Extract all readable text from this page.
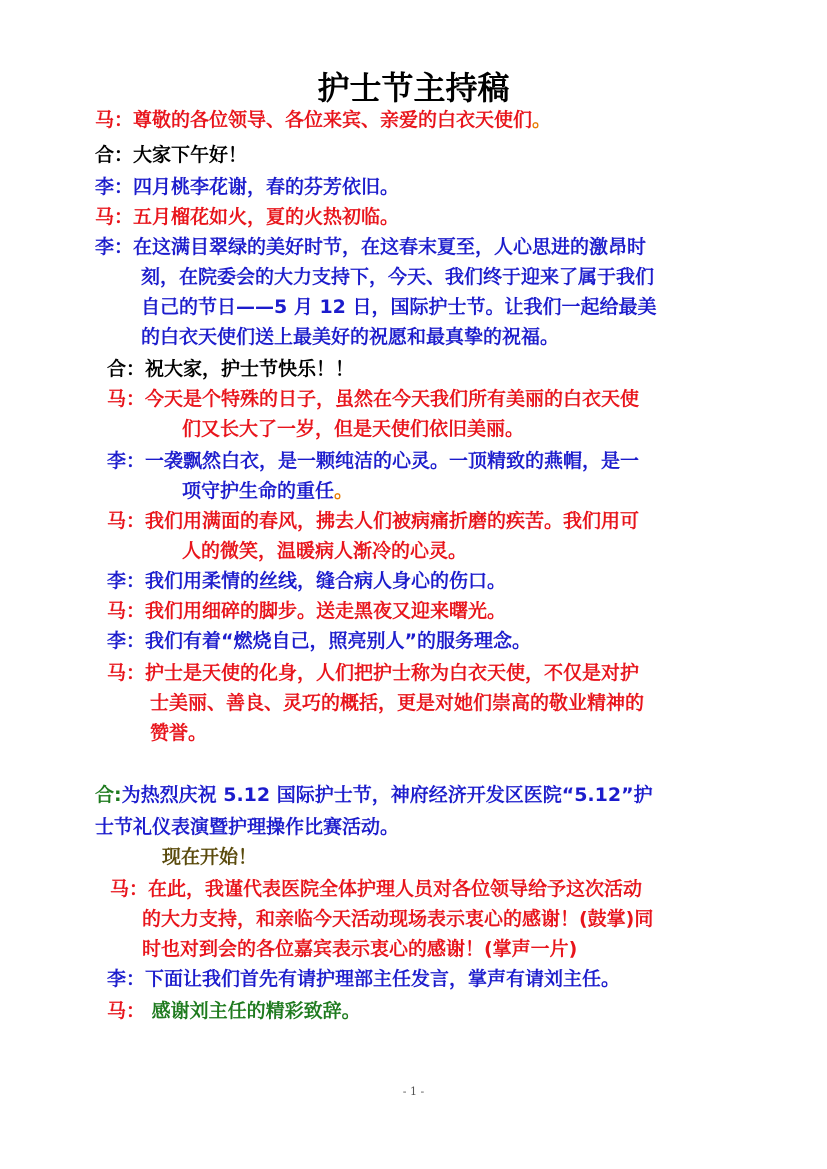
护士节主持稿
马：尊敬的各位领导、各位来宾、亲爱的白衣天使们。
合：大家下午好！
李：四月桃李花谢，春的芬芳依旧。
马：五月榴花如火，夏的火热初临。
李：在这满目翠绿的美好时节，在这春末夏至，人心思进的激昂时
刻，在院委会的大力支持下，今天、我们终于迎来了属于我们
自己的节日——5 月 12 日，国际护士节。让我们一起给最美
的白衣天使们送上最美好的祝愿和最真挚的祝福。
合：祝大家，护士节快乐！！
马：今天是个特殊的日子，虽然在今天我们所有美丽的白衣天使
们又长大了一岁，但是天使们依旧美丽。
李：一袭飘然白衣，是一颗纯洁的心灵。一顶精致的燕帽，是一
项守护生命的重任。
马：我们用满面的春风，拂去人们被病痛折磨的疾苦。我们用可
人的微笑，温暖病人渐冷的心灵。
李：我们用柔情的丝线，缝合病人身心的伤口。
马：我们用细碎的脚步。送走黑夜又迎来曙光。
李：我们有着“燃烧自己，照亮别人”的服务理念。
马：护士是天使的化身，人们把护士称为白衣天使，不仅是对护
士美丽、善良、灵巧的概括，更是对她们崇高的敬业精神的
赞誉。
合:为热烈庆祝 5.12 国际护士节，神府经济开发区医院“5.12”护
士节礼仪表演暨护理操作比赛活动。
现在开始！
马：在此，我谨代表医院全体护理人员对各位领导给予这次活动
的大力支持，和亲临今天活动现场表示衷心的感谢！(鼓掌)同
时也对到会的各位嘉宾表示衷心的感谢！(掌声一片)
李：下面让我们首先有请护理部主任发言，掌声有请刘主任。
马： 感谢刘主任的精彩致辞。
- 1 -
